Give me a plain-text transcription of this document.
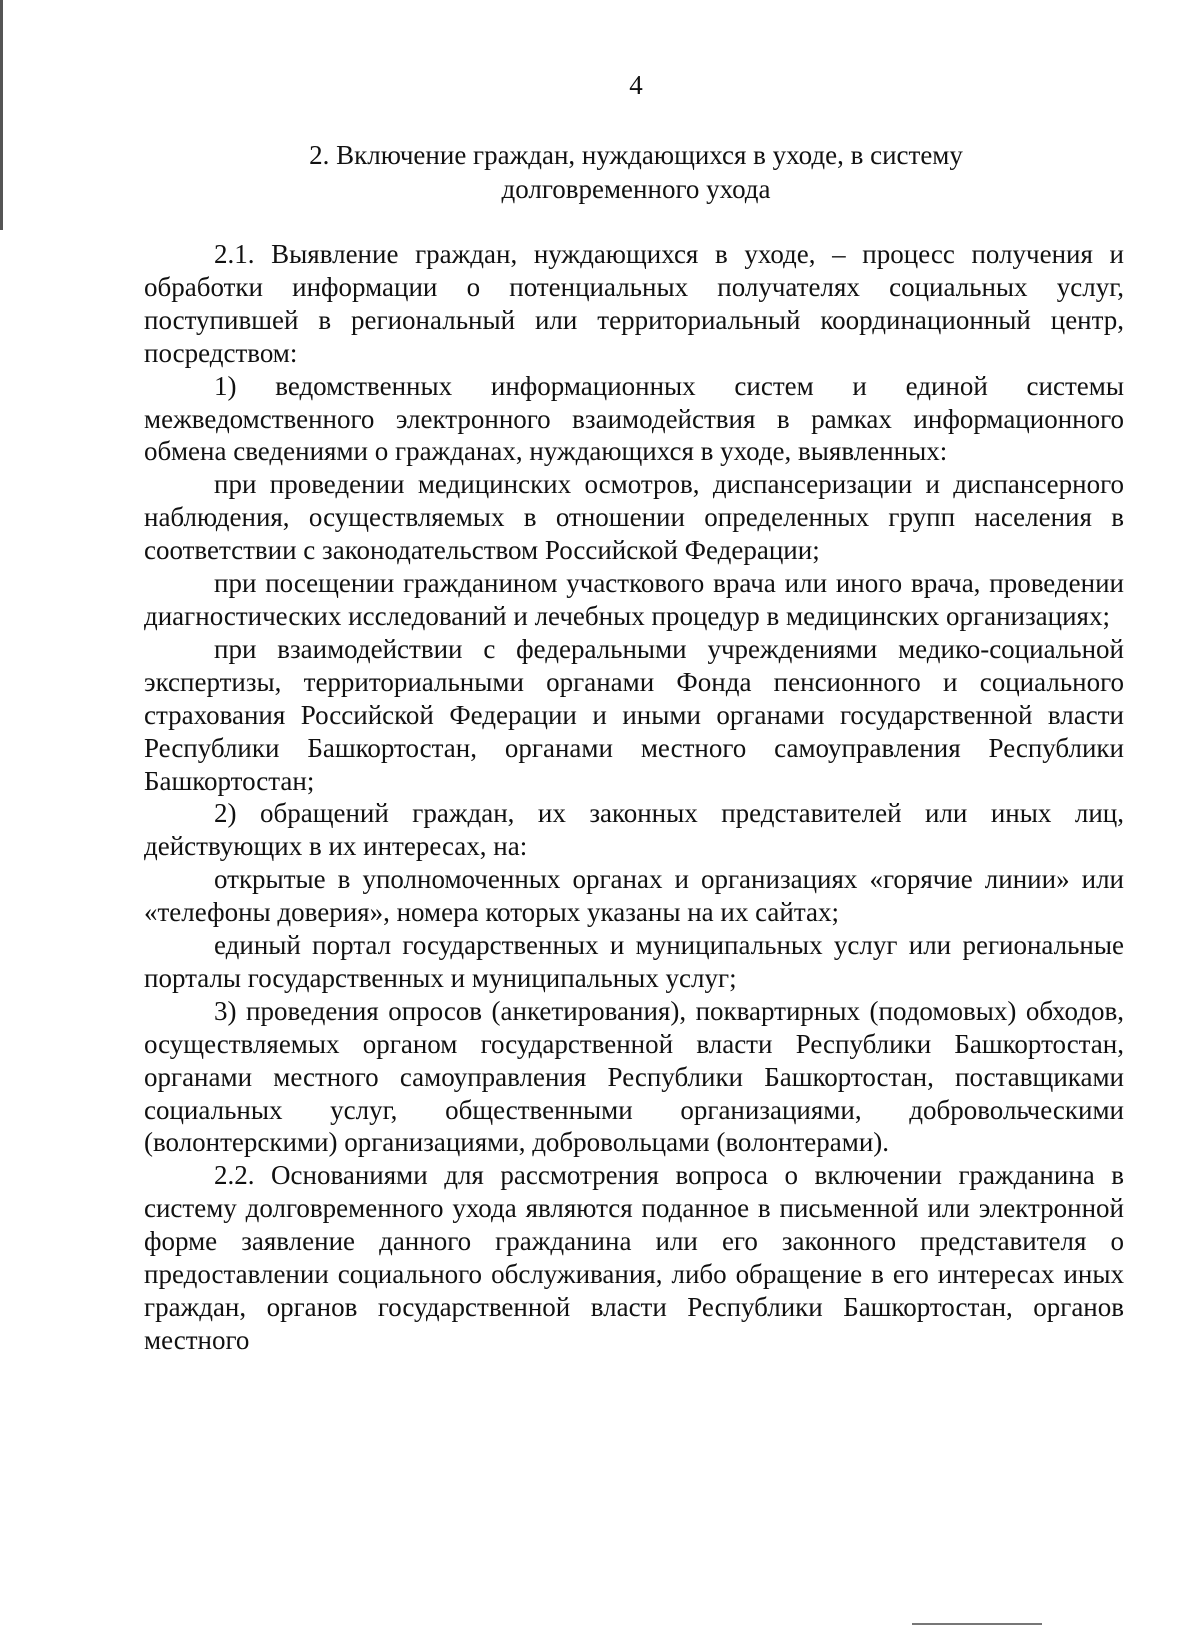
4
2. Включение граждан, нуждающихся в уходе, в систему
долговременного ухода

2.1. Выявление граждан, нуждающихся в уходе, – процесс получения и обработки информации о потенциальных получателях социальных услуг, поступившей в региональный или территориальный координационный центр, посредством:

1) ведомственных информационных систем и единой системы межведомственного электронного взаимодействия в рамках информационного обмена сведениями о гражданах, нуждающихся в уходе, выявленных:

при проведении медицинских осмотров, диспансеризации и диспансерного наблюдения, осуществляемых в отношении определенных групп населения в соответствии с законодательством Российской Федерации;

при посещении гражданином участкового врача или иного врача, проведении диагностических исследований и лечебных процедур в медицинских организациях;

при взаимодействии с федеральными учреждениями медико-социальной экспертизы, территориальными органами Фонда пенсионного и социального страхования Российской Федерации и иными органами государственной власти Республики Башкортостан, органами местного самоуправления Республики Башкортостан;

2) обращений граждан, их законных представителей или иных лиц, действующих в их интересах, на:

открытые в уполномоченных органах и организациях «горячие линии» или «телефоны доверия», номера которых указаны на их сайтах;

единый портал государственных и муниципальных услуг или региональные порталы государственных и муниципальных услуг;

3) проведения опросов (анкетирования), поквартирных (подомовых) обходов, осуществляемых органом государственной власти Республики Башкортостан, органами местного самоуправления Республики Башкортостан, поставщиками социальных услуг, общественными организациями, добровольческими (волонтерскими) организациями, добровольцами (волонтерами).

2.2. Основаниями для рассмотрения вопроса о включении гражданина в систему долговременного ухода являются поданное в письменной или электронной форме заявление данного гражданина или его законного представителя о предоставлении социального обслуживания, либо обращение в его интересах иных граждан, органов государственной власти Республики Башкортостан, органов местного
